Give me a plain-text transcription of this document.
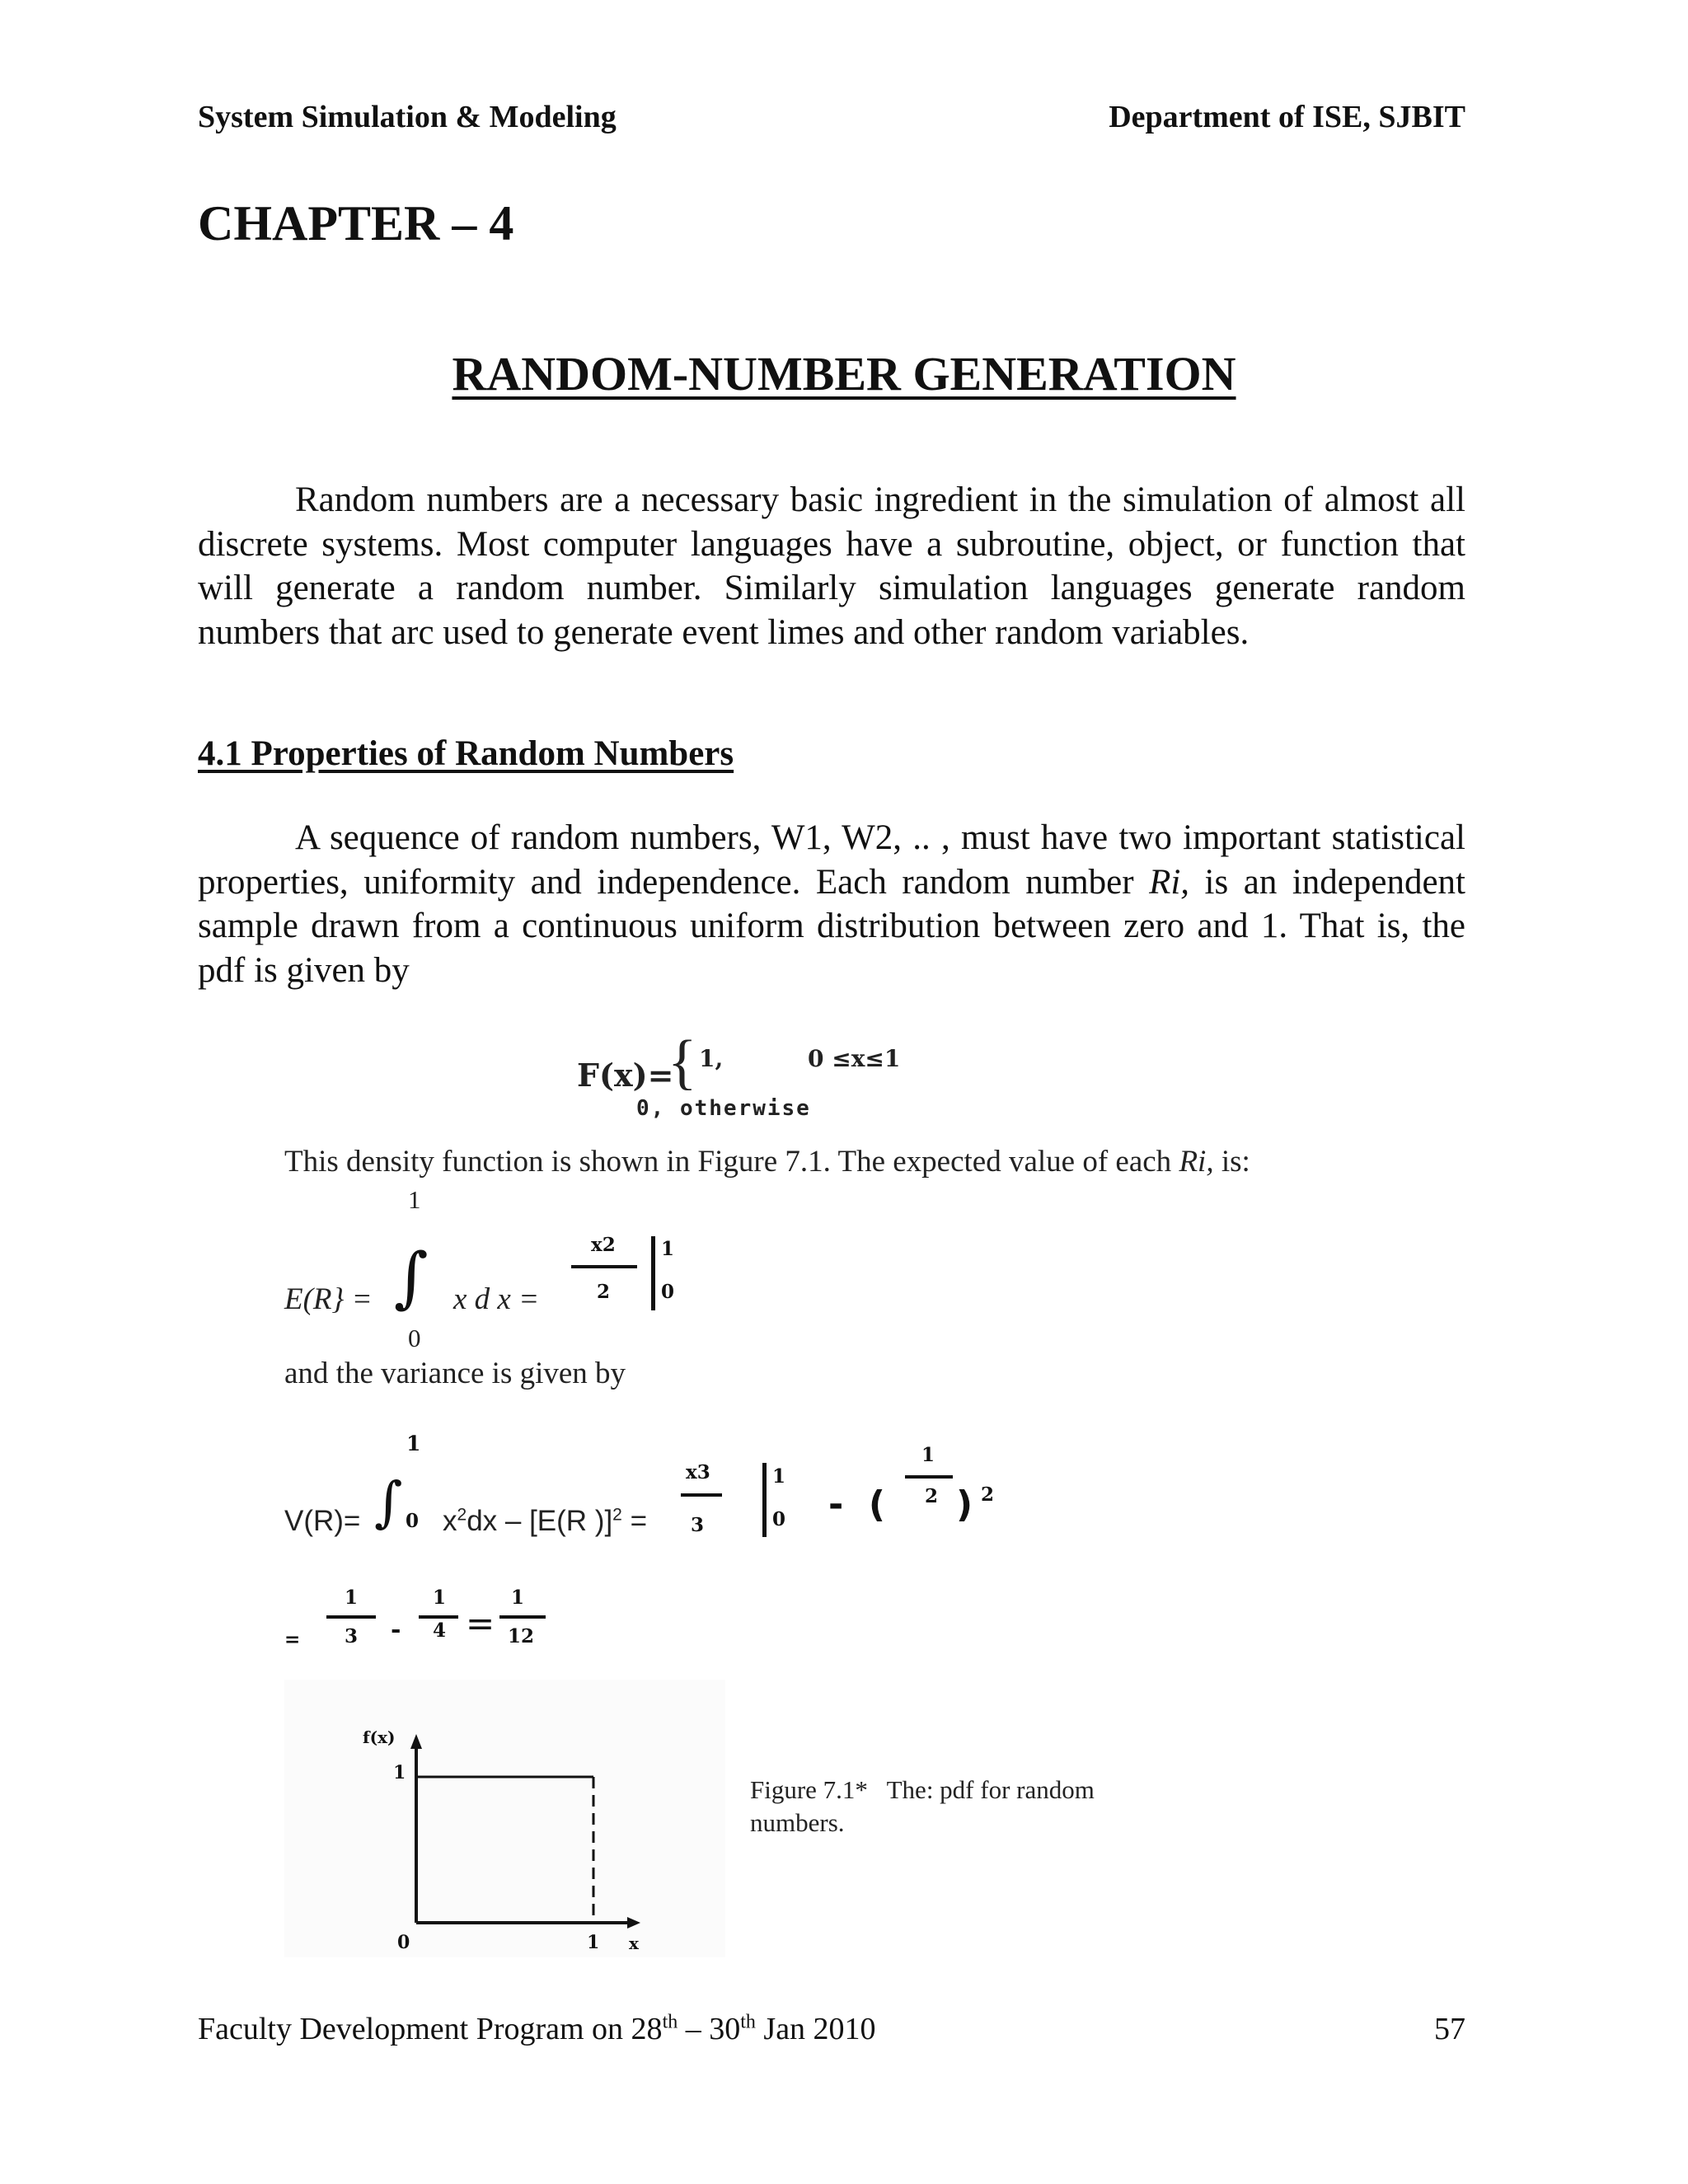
System Simulation & Modeling	Department of ISE, SJBIT
CHAPTER – 4
RANDOM-NUMBER GENERATION

Random numbers are a necessary basic ingredient in the simulation of almost all discrete systems. Most computer languages have a subroutine, object, or function that will generate a random number. Similarly simulation languages generate random numbers that arc used to generate event limes and other random variables.

4.1 Properties of Random Numbers

A sequence of random numbers, W1, W2, .. , must have two important statistical properties, uniformity and independence. Each random number Ri, is an independent sample drawn from a continuous uniform distribution between zero and 1. That is, the pdf is given by

F(x)=
{ 1,	0 ≤x≤1
0, otherwise
This density function is shown in Figure 7.1. The expected value of each Ri, is:
1
E(R} = ∫ x d x =
0
x2
2
1
0
and the variance is given by
1
V(R)= ∫ 0 $x^2dx - [E(R$ )]$^2$ =
x3
3
1
0 -  (
1
2 ) 2
=
1
3 -
1
4 =
1
12
f(x)
1
0	1 x
Figure 7.1*   The: pdf for random
numbers.
Faculty Development Program on 28th – 30th Jan 2010	57
